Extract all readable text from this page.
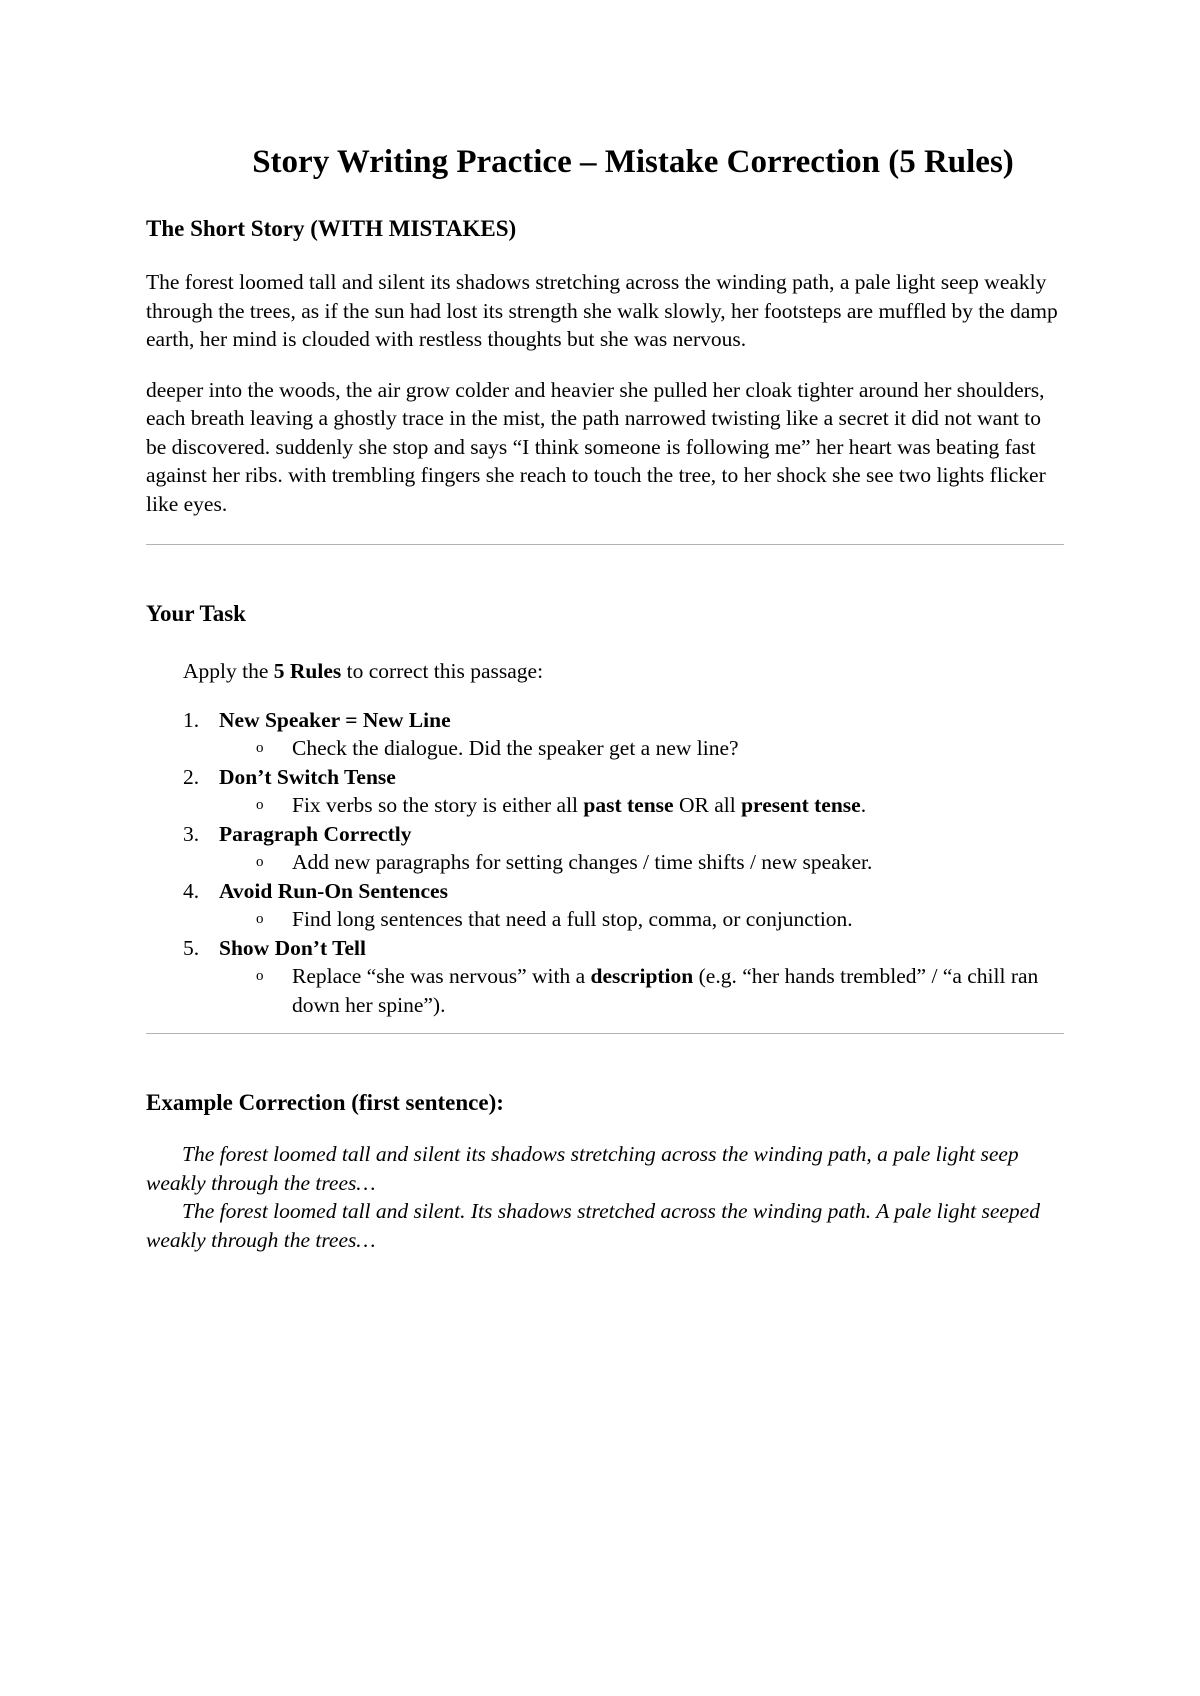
Story Writing Practice – Mistake Correction (5 Rules)
The Short Story (WITH MISTAKES)

The forest loomed tall and silent its shadows stretching across the winding path, a pale light seep weakly through the trees, as if the sun had lost its strength she walk slowly, her footsteps are muffled by the damp earth, her mind is clouded with restless thoughts but she was nervous.

deeper into the woods, the air grow colder and heavier she pulled her cloak tighter around her shoulders, each breath leaving a ghostly trace in the mist, the path narrowed twisting like a secret it did not want to be discovered. suddenly she stop and says “I think someone is following me” her heart was beating fast against her ribs. with trembling fingers she reach to touch the tree, to her shock she see two lights flicker like eyes.

Your Task

Apply the 5 Rules to correct this passage:

1. New Speaker = New Line
o Check the dialogue. Did the speaker get a new line?
2. Don’t Switch Tense
o Fix verbs so the story is either all past tense OR all present tense.
3. Paragraph Correctly
o Add new paragraphs for setting changes / time shifts / new speaker.
4. Avoid Run-On Sentences
o Find long sentences that need a full stop, comma, or conjunction.
5. Show Don’t Tell
o Replace “she was nervous” with a description (e.g. “her hands trembled” / “a chill ran down her spine”).
Example Correction (first sentence):

The forest loomed tall and silent its shadows stretching across the winding path, a pale light seep weakly through the trees…

The forest loomed tall and silent. Its shadows stretched across the winding path. A pale light seeped weakly through the trees…
